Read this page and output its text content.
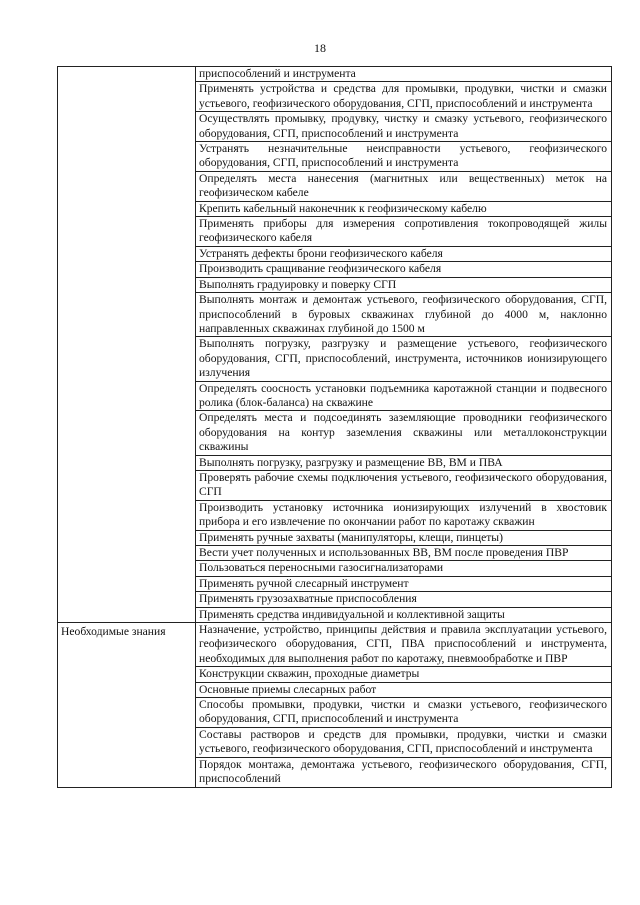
18
	приспособлений и инструмента
	Применять устройства и средства для промывки, продувки, чистки и смазки устьевого, геофизического оборудования, СГП, приспособлений и инструмента
	Осуществлять промывку, продувку, чистку и смазку устьевого, геофизического оборудования, СГП, приспособлений и инструмента
	Устранять незначительные неисправности устьевого, геофизического оборудования, СГП, приспособлений и инструмента
	Определять места нанесения (магнитных или вещественных) меток на геофизическом кабеле
	Крепить кабельный наконечник к геофизическому кабелю
	Применять приборы для измерения сопротивления токопроводящей жилы геофизического кабеля
	Устранять дефекты брони геофизического кабеля
	Производить сращивание геофизического кабеля
	Выполнять градуировку и поверку СГП
	Выполнять монтаж и демонтаж устьевого, геофизического оборудования, СГП, приспособлений в буровых скважинах глубиной до 4000 м, наклонно направленных скважинах глубиной до 1500 м
	Выполнять погрузку, разгрузку и размещение устьевого, геофизического оборудования, СГП, приспособлений, инструмента, источников ионизирующего излучения
	Определять соосность установки подъемника каротажной станции и подвесного ролика (блок-баланса) на скважине
	Определять места и подсоединять заземляющие проводники геофизического оборудования на контур заземления скважины или металлоконструкции скважины
	Выполнять погрузку, разгрузку и размещение ВВ, ВМ и ПВА
	Проверять рабочие схемы подключения устьевого, геофизического оборудования, СГП
	Производить установку источника ионизирующих излучений в хвостовик прибора и его извлечение по окончании работ по каротажу скважин
	Применять ручные захваты (манипуляторы, клещи, пинцеты)
	Вести учет полученных и использованных ВВ, ВМ после проведения ПВР
	Пользоваться переносными газосигнализаторами
	Применять ручной слесарный инструмент
	Применять грузозахватные приспособления
	Применять средства индивидуальной и коллективной защиты

Необходимые знания	Назначение, устройство, принципы действия и правила эксплуатации устьевого, геофизического оборудования, СГП, ПВА приспособлений и инструмента, необходимых для выполнения работ по каротажу, пневмообработке и ПВР
	Конструкции скважин, проходные диаметры
	Основные приемы слесарных работ
	Способы промывки, продувки, чистки и смазки устьевого, геофизического оборудования, СГП, приспособлений и инструмента
	Составы растворов и средств для промывки, продувки, чистки и смазки устьевого, геофизического оборудования, СГП, приспособлений и инструмента
	Порядок монтажа, демонтажа устьевого, геофизического оборудования, СГП, приспособлений
